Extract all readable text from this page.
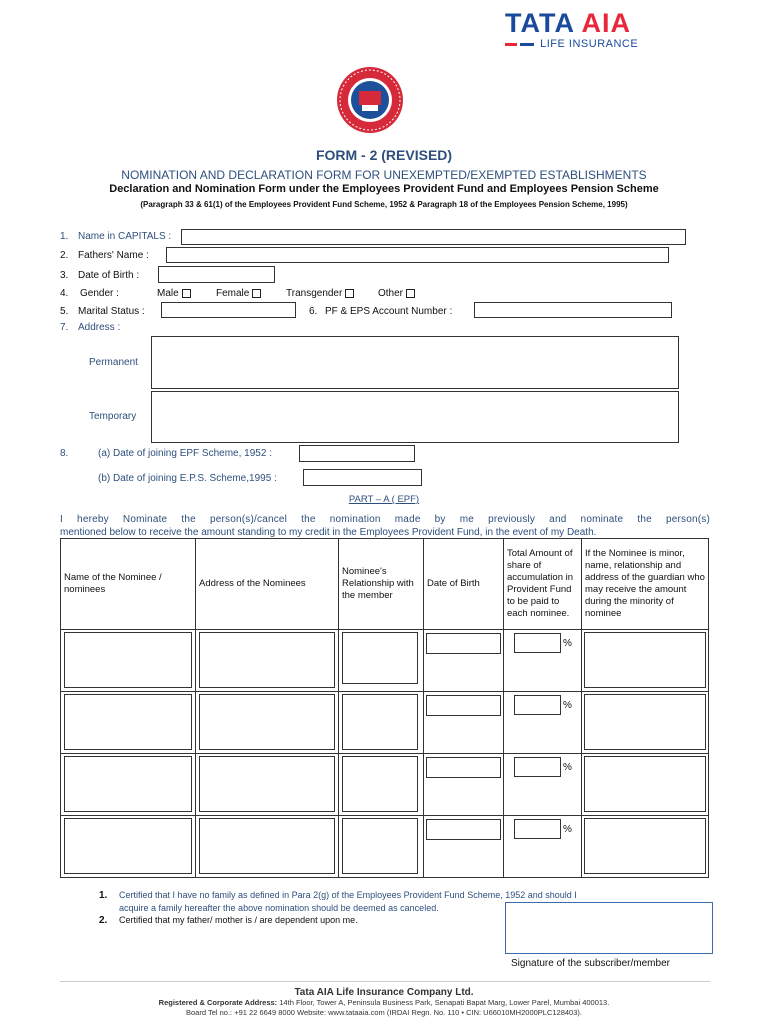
TATA AIA
LIFE INSURANCE
FORM - 2 (REVISED)
NOMINATION AND DECLARATION FORM FOR UNEXEMPTED/EXEMPTED ESTABLISHMENTS
Declaration and Nomination Form under the Employees Provident Fund and Employees Pension Scheme
(Paragraph 33 & 61(1) of the Employees Provident Fund Scheme, 1952 & Paragraph 18 of the Employees Pension Scheme, 1995)
1. Name in CAPITALS :
2. Fathers' Name :
3. Date of Birth :
4. Gender :	Male	Female	Transgender	Other
5. Marital Status :	6. PF & EPS Account Number :
7. Address :
Permanent
Temporary
8.	(a) Date of joining EPF Scheme, 1952 :
(b) Date of joining E.P.S. Scheme,1995 :
PART – A ( EPF)
I hereby Nominate the person(s)/cancel the nomination made by me previously and nominate the person(s)
mentioned below to receive the amount standing to my credit in the Employees Provident Fund, in the event of my Death.
Name of the Nominee / nominees	Address of the Nominees	Nominee's Relationship with the member	Date of Birth	Total Amount of share of accumulation in Provident Fund to be paid to each nominee.	If the Nominee is minor, name, relationship and address of the guardian who may receive the amount during the minority of nominee

				%	

				%	

				%	

				%	

1. Certified that I have no family as defined in Para 2(g) of the Employees Provident Fund Scheme, 1952 and should I
acquire a family hereafter the above nomination should be deemed as canceled.
2. Certified that my father/ mother is / are dependent upon me.
Signature of the subscriber/member
Tata AIA Life Insurance Company Ltd.
Registered & Corporate Address: 14th Floor, Tower A, Peninsula Business Park, Senapati Bapat Marg, Lower Parel, Mumbai 400013.
Board Tel no.: +91 22 6649 8000 Website: www.tataaia.com (IRDAI Regn. No. 110 • CIN: U66010MH2000PLC128403).
